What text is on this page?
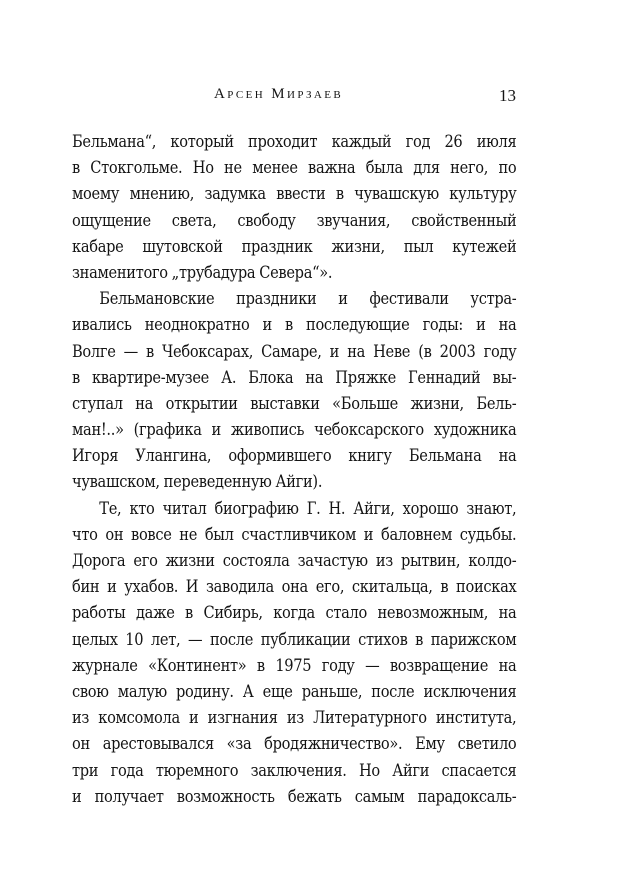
Арсен Мирзаев	13
Бельмана“, который проходит каждый год 26 июля
в Стокгольме. Но не менее важна была для него, по
моему мнению, задумка ввести в чувашскую культуру
ощущение света, свободу звучания, свойственный
кабаре шутовской праздник жизни, пыл кутежей
знаменитого „трубадура Севера“».
Бельмановские праздники и фестивали устра-
ивались неоднократно и в последующие годы: и на
Волге — в Чебоксарах, Самаре, и на Неве (в 2003 году
в квартире-музее А. Блока на Пряжке Геннадий вы-
ступал на открытии выставки «Больше жизни, Бель-
ман!..» (графика и живопись чебоксарского художника
Игоря Улангина, оформившего книгу Бельмана на
чувашском, переведенную Айги).
Те, кто читал биографию Г. Н. Айги, хорошо знают,
что он вовсе не был счастливчиком и баловнем судьбы.
Дорога его жизни состояла зачастую из рытвин, колдо-
бин и ухабов. И заводила она его, скитальца, в поисках
работы даже в Сибирь, когда стало невозможным, на
целых 10 лет, — после публикации стихов в парижском
журнале «Континент» в 1975 году — возвращение на
свою малую родину. А еще раньше, после исключения
из комсомола и изгнания из Литературного института,
он арестовывался «за бродяжничество». Ему светило
три года тюремного заключения. Но Айги спасается
и получает возможность бежать самым парадоксаль-
